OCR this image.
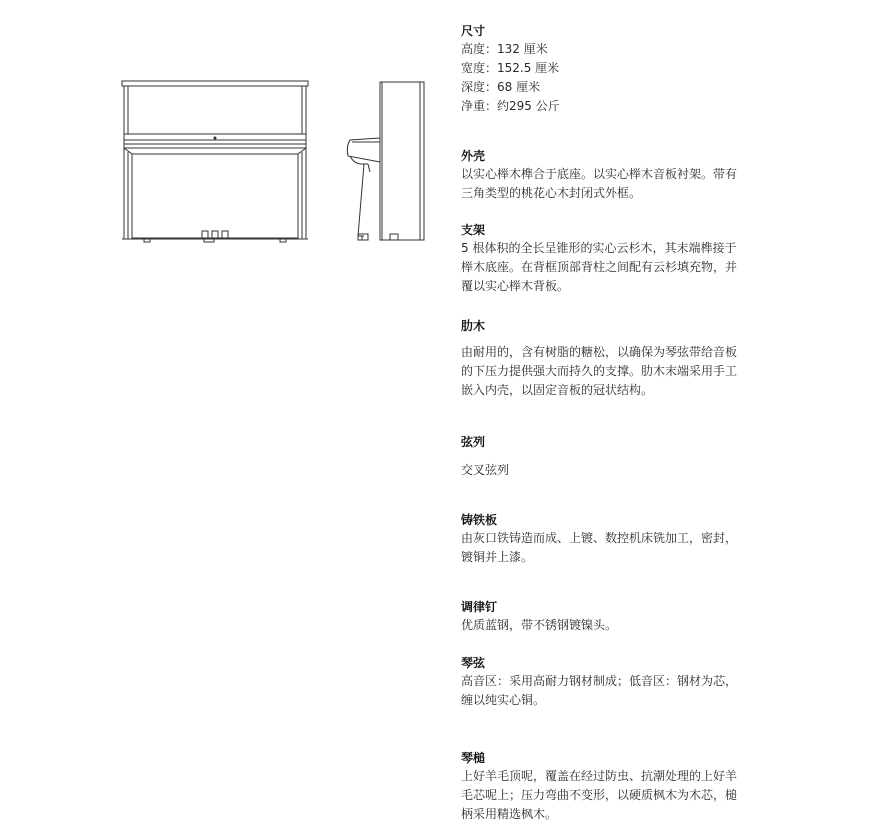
尺寸

高度：132 厘米

宽度：152.5 厘米

深度：68 厘米

净重：约295 公斤

外壳

以实心榉木榫合于底座。以实心榉木音板衬架。带有
三角类型的桃花心木封闭式外框。

支架

5 根体积的全长呈锥形的实心云杉木，其末端榫接于
榉木底座。在背框顶部背柱之间配有云杉填充物，并
覆以实心榉木背板。

肋木

由耐用的，含有树脂的糖松，以确保为琴弦带给音板
的下压力提供强大而持久的支撑。肋木末端采用手工
嵌入内壳，以固定音板的冠状结构。

弦列

交叉弦列

铸铁板

由灰口铁铸造而成、上镀、数控机床铣加工，密封，
镀铜并上漆。

调律钉

优质蓝钢，带不锈钢镀镍头。

琴弦

高音区：采用高耐力钢材制成；低音区：钢材为芯，
缠以纯实心铜。

琴槌

上好羊毛顶呢，覆盖在经过防虫、抗潮处理的上好羊
毛芯呢上；压力弯曲不变形，以硬质枫木为木芯，槌
柄采用精选枫木。
